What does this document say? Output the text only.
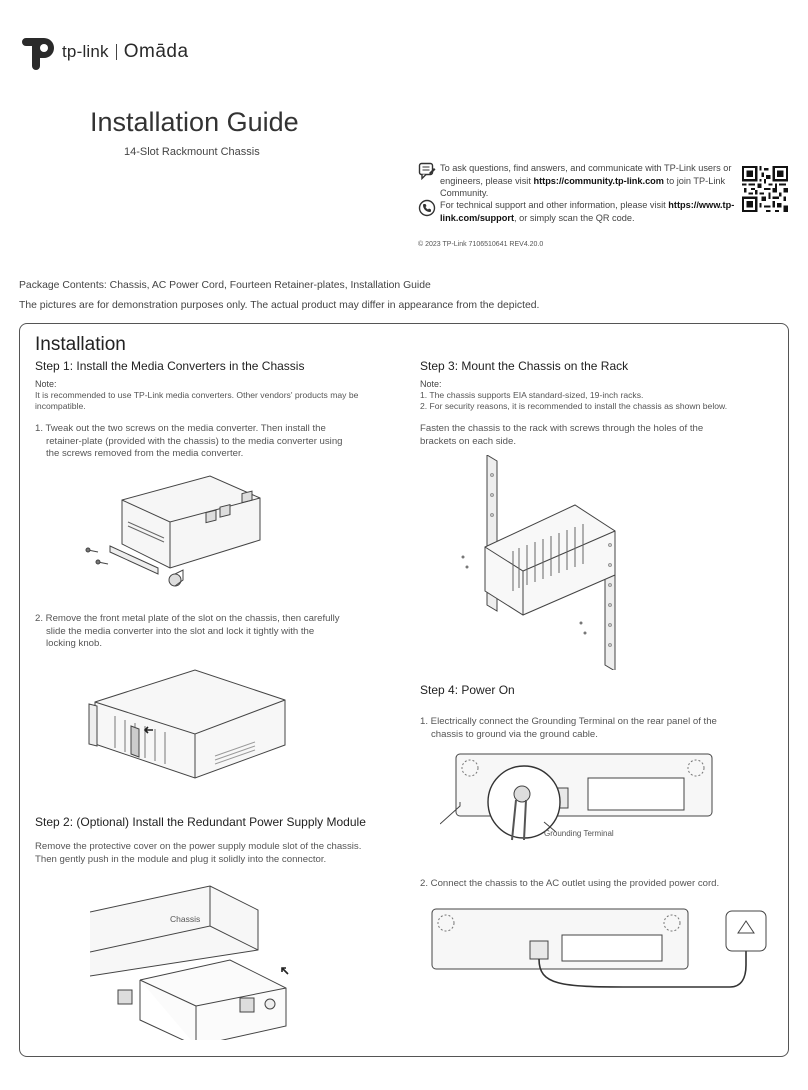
tp-link Omāda
Installation Guide
14-Slot Rackmount Chassis
To ask questions, find answers, and communicate with TP-Link users or engineers, please visit https://community.tp-link.com to join TP-Link Community.
For technical support and other information, please visit https://www.tp-link.com/support, or simply scan the QR code.
© 2023 TP-Link 7106510641 REV4.20.0
Package Contents: Chassis, AC Power Cord, Fourteen Retainer-plates, Installation Guide
The pictures are for demonstration purposes only. The actual product may differ in appearance from the depicted.
Installation
Step 1: Install the Media Converters in the Chassis
Note:
It is recommended to use TP-Link media converters. Other vendors' products may be incompatible.
1. Tweak out the two screws on the media converter. Then install the
retainer-plate (provided with the chassis) to the media converter using
the screws removed from the media converter.
2. Remove the front metal plate of the slot on the chassis, then carefully
slide the media converter into the slot and lock it tightly with the
locking knob.
Step 2: (Optional) Install the Redundant Power Supply Module
Remove the protective cover on the power supply module slot of the chassis.
Then gently push in the module and plug it solidly into the connector.
Chassis
Step 3: Mount the Chassis on the Rack
Note:
1. The chassis supports EIA standard-sized, 19-inch racks.
2. For security reasons, it is recommended to install the chassis as shown below.
Fasten the chassis to the rack with screws through the holes of the
brackets on each side.
Step 4: Power On
1. Electrically connect the Grounding Terminal on the rear panel of the
chassis to ground via the ground cable.
Grounding Terminal
2. Connect the chassis to the AC outlet using the provided power cord.
